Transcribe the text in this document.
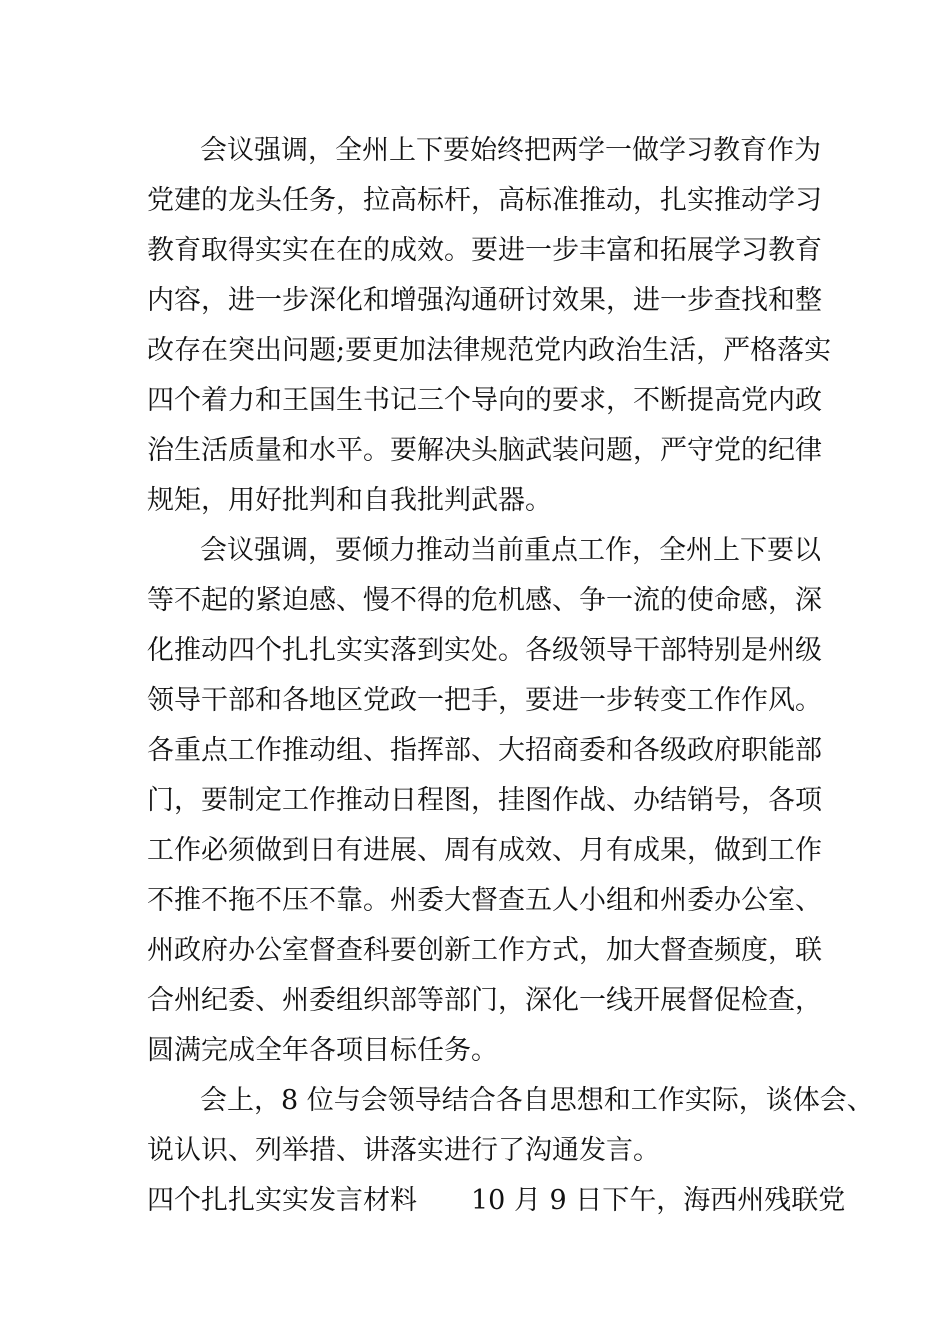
会议强调，全州上下要始终把两学一做学习教育作为
党建的龙头任务，拉高标杆，高标准推动，扎实推动学习
教育取得实实在在的成效。要进一步丰富和拓展学习教育
内容，进一步深化和增强沟通研讨效果，进一步查找和整
改存在突出问题;要更加法律规范党内政治生活，严格落实
四个着力和王国生书记三个导向的要求，不断提高党内政
治生活质量和水平。要解决头脑武装问题，严守党的纪律
规矩，用好批判和自我批判武器。
会议强调，要倾力推动当前重点工作，全州上下要以
等不起的紧迫感、慢不得的危机感、争一流的使命感，深
化推动四个扎扎实实落到实处。各级领导干部特别是州级
领导干部和各地区党政一把手，要进一步转变工作作风。
各重点工作推动组、指挥部、大招商委和各级政府职能部
门，要制定工作推动日程图，挂图作战、办结销号，各项
工作必须做到日有进展、周有成效、月有成果，做到工作
不推不拖不压不靠。州委大督查五人小组和州委办公室、
州政府办公室督查科要创新工作方式，加大督查频度，联
合州纪委、州委组织部等部门，深化一线开展督促检查，
圆满完成全年各项目标任务。
会上，8 位与会领导结合各自思想和工作实际，谈体会、
说认识、列举措、讲落实进行了沟通发言。
四个扎扎实实发言材料　　10 月 9 日下午，海西州残联党
